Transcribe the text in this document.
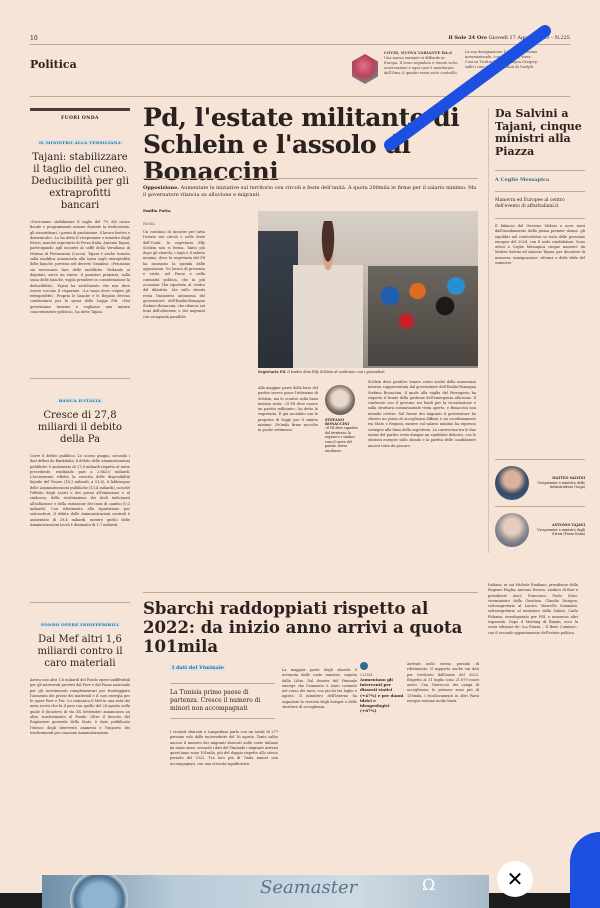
10	Il Sole 24 Ore Giovedì 17 Agosto 2023 – N.225
Politica
COVID, NUOVA VARIANTE BA.6
Una nuova variante si diffonde in Europa. Il virus segnalato è tenuto sotto osservazione e ogni caso è monitorato dall'Oms: il quadro resta sotto controllo.
La sua designazione: l'origine e il nome internazionale, con mutazioni; virus. Così su Twitter l'virologo Ryan Gregory, saliti i casi prima segnalati di Guelph.
FUORI ONDA
IL MINISTRO ALLA VERSILIANA
Tajani: stabilizzare il taglio del cuneo. Deducibilità per gli extraprofitti bancari
«Dovremmo stabilizzare il taglio del 7% del cuneo fiscale e programmare misure durante la tredicesima, gli straordinari, i premi di produzione, il lavoro festivo e domenicale». Lo ha detto il vicepremier e ministro degli Esteri, nonché segretario di Forza Italia, Antonio Tajani, partecipando agli incontri al caffè della Versiliana di Marina di Pietrasanta (Lucca). Tajani è anche tornato sulla modifica annunciata alla tassa sugli extraprofitti delle banche, prevista nel decreto Omnibus. «Pensiamo sia necessario fare delle modifiche. Parlando ai deputati, serve un rinvio: il pensiero primario, sulla tassa delle banche, voglio prendere in considerazione la deducibilità». Tajani ha sottolineato che non deve essere toccato il risparmio. «La tassa deve colpire gli extraprofitti». Proprio le banche e le Regioni devono confrontarsi per la spesa della Legge Fdi. «Noi governiamo insieme e vogliamo una misura concretamente politica», ha detto Tajani.
BANCA D'ITALIA
Cresce di 27,8 miliardi il debito della Pa
Corre il debito pubblico. Lo scorso giugno, secondo i dati diffusi da Bankitalia, il debito delle amministrazioni pubbliche è aumentato di 27,8 miliardi rispetto al mese precedente, risultando pari a 2.843,0 miliardi. L'incremento riflette la crescita delle disponibilità liquide del Tesoro (14,1 miliardi, a 51,8), il fabbisogno delle Amministrazioni pubbliche (13,4 miliardi), nonché l'effetto degli scarti e dei premi all'emissione e al rimborso, della rivalutazione dei titoli indicizzati all'inflazione e della variazione dei tassi di cambio (0,3 miliardi). Con riferimento alla ripartizione per sottosettori, il debito delle Amministrazioni centrali è aumentato di 29,4 miliardi, mentre quello delle Amministrazioni locali è diminuito di 1,7 miliardi.
FONDO OPERE INDIFFERIBILI
Dal Mef altri 1,6 miliardi contro il caro materiali
Arriva uno altri 1,6 miliardi del Fondo opere indifferibili per gli interventi previsti dal Pnrr e dal Piano nazionale per gli investimenti complementari per fronteggiare l'aumento dei prezzi dei materiali e il caro energia per le opere Pnrr e Pnc. Lo comunica il Mef in una nota dei mesi scorsi che fa il paio con quello del 24 agosto nella quale il dicastero di via XX Settembre annunciava un altro trasferimento al Fondo. Oltre il decreto del Ragioniere generale dello Stato, è stato pubblicato l'elenco degli interventi ammessi e l'importo dei trasferimenti per ciascuna Amministrazione.
Pd, l'estate militante di Schlein e l'assolo di Bonaccini
Opposizione. Aumentate le iniziative sul territorio con circoli e feste dell'unità. A quota 200mila le firme per il salario minimo. Ma il governatore rilancia su alluvione e migranti
Emilia Patta
ROMA
Un continuo di incontri per tutta l'estate nei circoli e nelle feste dell'Unità: la segretaria Elly Schlein non si ferma. Tanto più dopo gli sbarchi, i tagli e il salario minimo, dove la segretaria del Pd ha incassato la sponda delle opposizioni. Un lavoro di presenza e visite, nel Paese e nella comunità politica, che in più occasioni l'ha riportata al centro del dibattito. Ma sullo sfondo resta l'iniziativa autonoma del governatore dell'Emilia-Romagna Stefano Bonaccini, che rilancia sui temi dell'alluvione e dei migranti con un'agenda parallela.
Segretaria Pd. Il leader dem Elly Schlein al confronto con i giornalisti
Alla maggior parte della base del partito invece piace l'attivismo di Schlein, ma lo scontro sulla linea interna resta. «Il Pd deve essere un partito militante», ha detto la segretaria. È già accaduto con le proposte di legge per il salario minimo: 200mila firme raccolte in poche settimane.
STEFANO BONACCINI
«Il Pd deve ripartire dal territorio: la regione e i sindaci sono il cuore del partito. Serve ascoltare»
Schlein deve peraltro tenere conto anche della minoranza interna, rappresentata dal governatore dell'Emilia-Romagna Stefano Bonaccini, il quale alla vigilia del Ferragosto ha riaperto il fronte della gestione dell'emergenza alluvione. Il confronto con il governo sui fondi per la ricostruzione e sulla struttura commissariale resta aperto, e Bonaccini non intende cedere. Sul fronte dei migranti il governatore ha chiesto un piano di accoglienza diffusa e un coordinamento tra Stato e Regioni, mentre sul salario minimo ha espresso sostegno alla linea della segreteria. La convivenza tra le due anime del partito resta dunque un equilibrio delicato, con le elezioni europee sullo sfondo e la partita delle candidature ancora tutta da giocare.
Da Salvini a Tajani, cinque ministri alla Piazza
A Ceglie Messapica
Manovra ed Europee al centro dell'evento di affaritaliani.it
Il bilancio del Governo Meloni a nove mesi dall'insediamento della prima premier donna: gli equilibri nel centrodestra in vista delle prossime europee del 2024, con il nodo candidature. Sono attesi a Ceglie Messapica cinque ministri: da Matteo Salvini ad Antonio Tajani, per discutere di manovra, immigrazione, riforme e delle sfide del semestre.
MATTEO SALVINI
Vicepremier e ministro delle Infrastrutture (Lega)
ANTONIO TAJANI
Vicepremier e ministro degli Esteri (Forza Italia)
Italiana, in cui Michele Emiliano, presidente della Regione Puglia; Antonio Decaro, sindaco di Bari e presidente Anci; Francesco Paolo Sisto, viceministro della Giustizia, Claudio Durigon, sottosegretario al Lavoro, Marcello Gemmato, sottosegretario al ministero della Salute, Carlo Fidanza, eurodeputato per FdI, e numerosi altri esponenti. Dopo il Meeting di Rimini, ecco la sesta edizione de «La Piazza – Il Bene Comune», con il secondo appuntamento dell'estate politica.
Sbarchi raddoppiati rispetto al 2022: da inizio anno arrivi a quota 101mila
I dati del Viminale
La Tunisia primo paese di partenza. Cresce il numero di minori non accompagnati
I cronisti sbarcati a Lampedusa parla con un totale di 277 persone solo dalle motovedette del 16 agosto. Tanto salito ancora il numero dei migranti sbarcati sulle coste italiane da inizio anno: secondo i dati del Viminale i migranti arrivati quest'anno sono 101mila, più del doppio rispetto allo stesso periodo del 2022. Tra loro più di 7mila minori non accompagnati, con una crescita significativa.
La maggior parte degli sbarchi è avvenuta dalle coste tunisine, seguita dalla Libia. Dal dossier del Viminale emerge che l'aumento è stato costante nel corso dei mesi, con picchi tra luglio e agosto. Il ministero dell'Interno ha segnalato la crescita degli hotspot e delle strutture di accoglienza.
CLIMA
Aumentano gli interventi per dissesti statici (+47%) e per danni idrici e idrogeologici (+87%)
Arrivati nello stesso periodo di riferimento. Il rapporto anche sui dati per territorio dall'inizio del 2023. Rispetto al 31 luglio sono 21.679 nuovi arrivi. Con l'intreccio dei campi di accoglienza: le persone sono più di 135mila, i ricollocamenti in altri Paesi europei restano molto bassi.
Seamaster	Ω	✕
